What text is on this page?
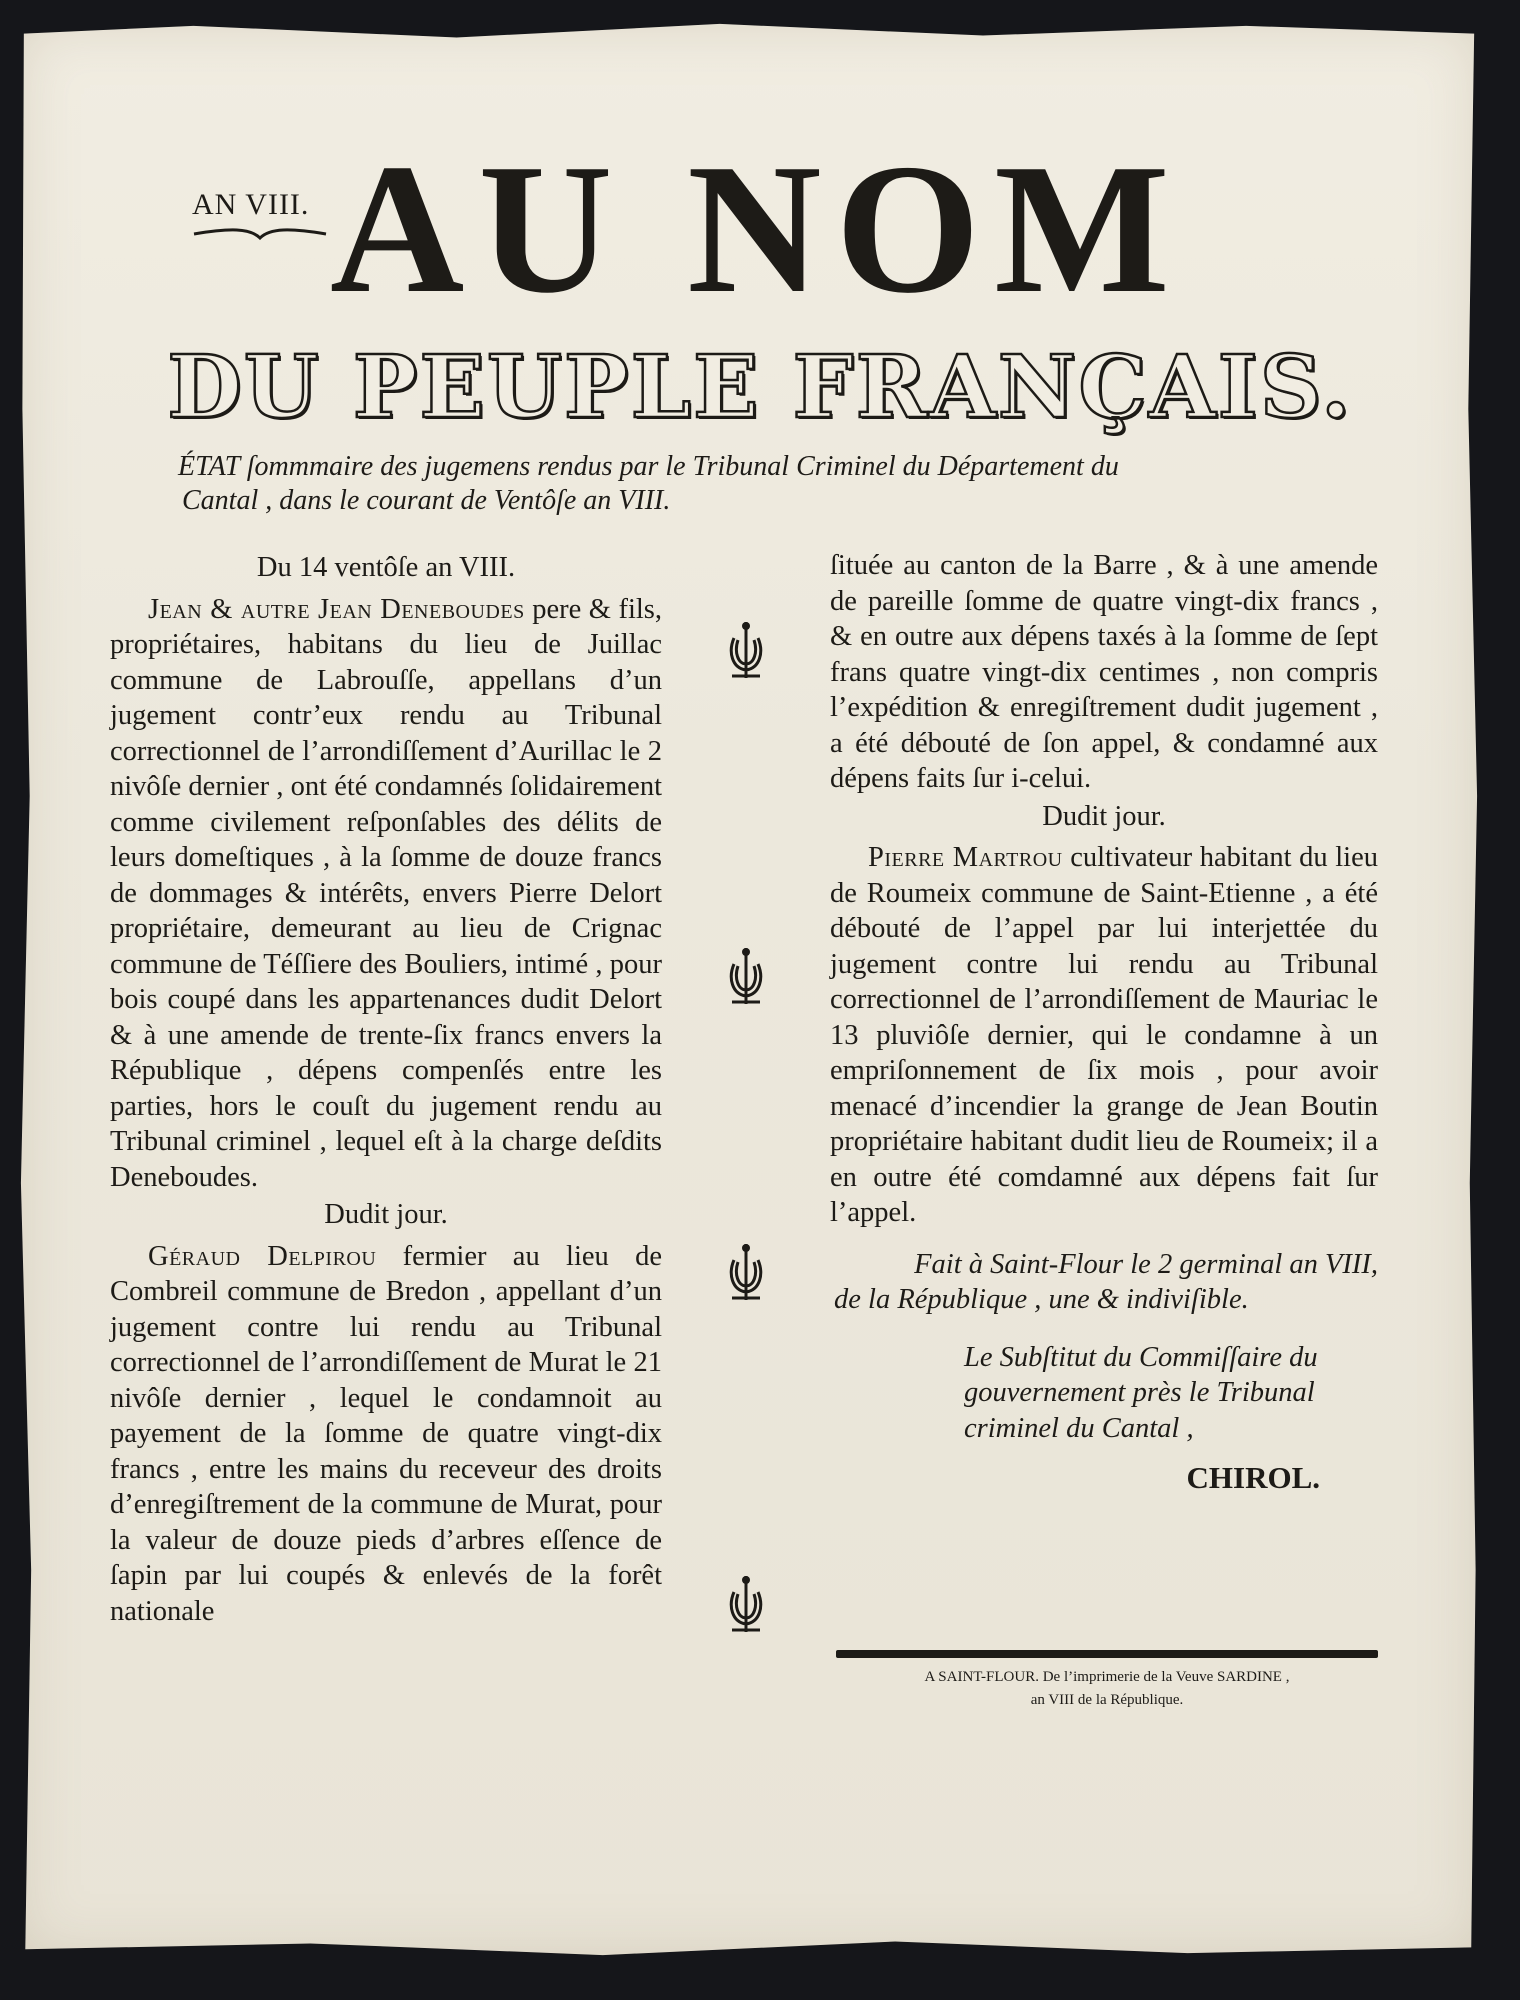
AN VIII. AU NOM
DU PEUPLE FRANÇAIS.
ÉTAT ſommmaire des jugemens rendus par le Tribunal Criminel du Département du
Cantal , dans le courant de Ventôſe an VIII.

Du 14 ventôſe an VIII.

Jean & autre Jean Deneboudes pere & fils, propriétaires, habitans du lieu de Juillac commune de Labrouſſe, appellans d’un jugement contr’eux rendu au Tribunal correctionnel de l’arrondiſſement d’Aurillac le 2 nivôſe dernier , ont été condamnés ſolidairement comme civilement reſponſables des délits de leurs domeſtiques , à la ſomme de douze francs de dommages & intérêts, envers Pierre Delort propriétaire, demeurant au lieu de Crignac commune de Téſſiere des Bouliers, intimé , pour bois coupé dans les appartenances dudit Delort & à une amende de trente-ſix francs envers la République , dépens compenſés entre les parties, hors le couſt du jugement rendu au Tribunal criminel , lequel eſt à la charge deſdits Deneboudes.

Dudit jour.

Géraud Delpirou fermier au lieu de Combreil commune de Bredon , appellant d’un jugement contre lui rendu au Tribunal correctionnel de l’arrondiſſement de Murat le 21 nivôſe dernier , lequel le condamnoit au payement de la ſomme de quatre vingt-dix francs , entre les mains du receveur des droits d’enregiſtrement de la commune de Murat, pour la valeur de douze pieds d’arbres eſſence de ſapin par lui coupés & enlevés de la forêt nationale

ſituée au canton de la Barre , & à une amende de pareille ſomme de quatre vingt-dix francs , & en outre aux dépens taxés à la ſomme de ſept frans quatre vingt-dix centimes , non compris l’expédition & enregiſtrement dudit jugement , a été débouté de ſon appel, & condamné aux dépens faits ſur i-celui.

Dudit jour.

Pierre Martrou cultivateur habitant du lieu de Roumeix commune de Saint-Etienne , a été débouté de l’appel par lui interjettée du jugement contre lui rendu au Tribunal correctionnel de l’arrondiſſement de Mauriac le 13 pluviôſe dernier, qui le condamne à un empriſonnement de ſix mois , pour avoir menacé d’incendier la grange de Jean Boutin propriétaire habitant dudit lieu de Roumeix; il a en outre été comdamné aux dépens fait ſur l’appel.

Fait à Saint-Flour le 2 germinal an VIII,

de la République , une & indiviſible.

Le Subſtitut du Commiſſaire du

gouvernement près le Tribunal

criminel du Cantal ,

CHIROL.

A SAINT-FLOUR. De l’imprimerie de la Veuve SARDINE ,
an VIII de la République.
